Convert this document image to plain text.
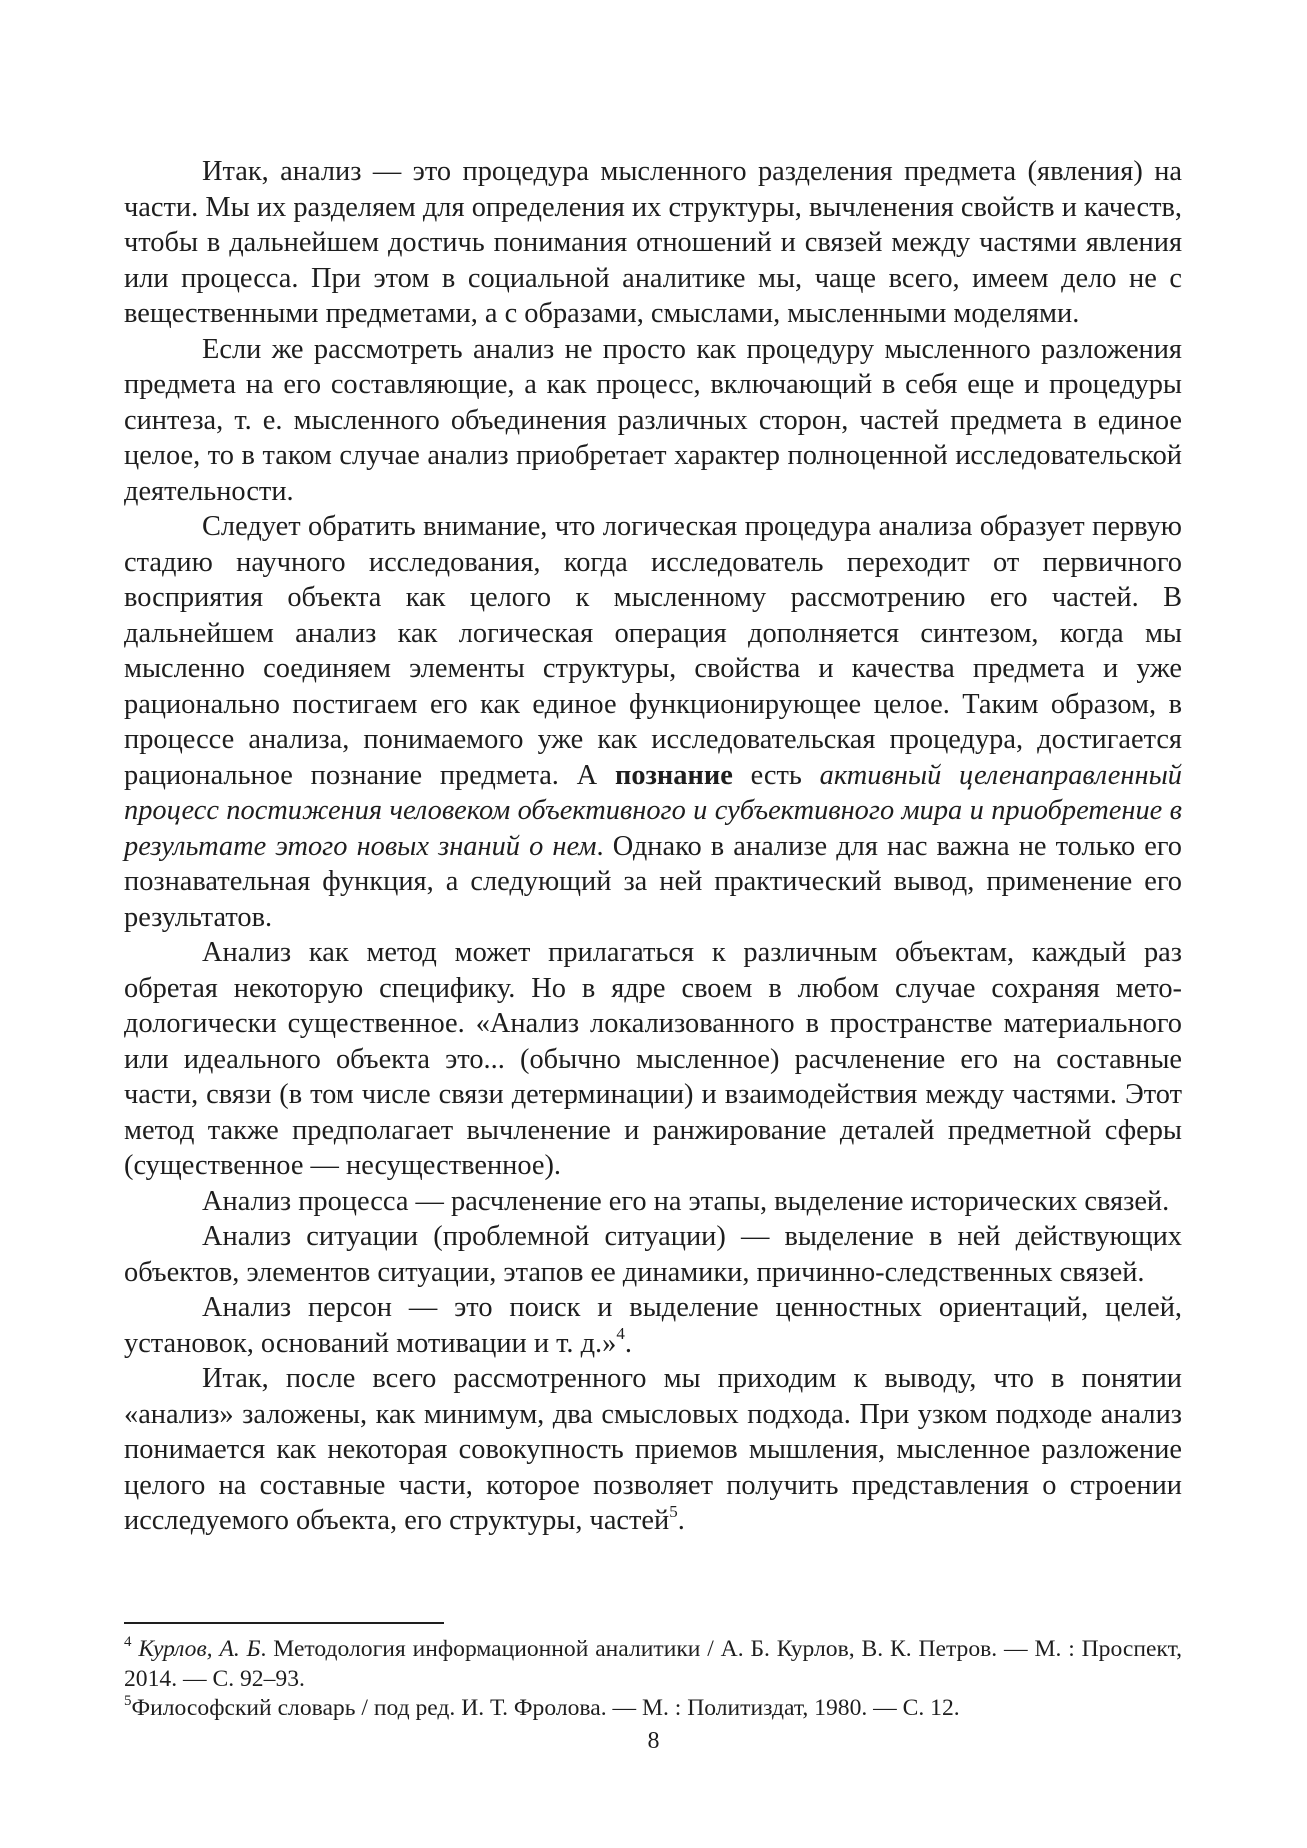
Итак, анализ — это процедура мысленного разделения предмета (явления) на части. Мы их разделяем для определения их структуры, вычленения свойств и качеств, чтобы в дальнейшем достичь понимания отношений и связей между частями явления или процесса. При этом в социальной аналитике мы, чаще всего, имеем дело не с вещественными предметами, а с образами, смыслами, мысленными моделями.

Если же рассмотреть анализ не просто как процедуру мысленного разложения предмета на его составляющие, а как процесс, включающий в себя еще и процедуры синтеза, т. е. мысленного объединения различных сторон, частей предмета в единое целое, то в таком случае анализ приобретает характер полноценной исследовательской деятельности.

Следует обратить внимание, что логическая процедура анализа образует первую стадию научного исследования, когда исследователь переходит от первичного восприятия объекта как целого к мысленному рассмотрению его частей. В дальнейшем анализ как логическая операция дополняется синтезом, когда мы мысленно соединяем элементы структуры, свойства и качества предмета и уже рационально постигаем его как единое функционирующее целое. Таким образом, в процессе анализа, понимаемого уже как исследовательская процедура, достигается рациональное познание предмета. А познание есть активный целенаправленный процесс постижения человеком объективного и субъективного мира и приобретение в результате этого новых знаний о нем. Однако в анализе для нас важна не только его познавательная функция, а следующий за ней практический вывод, применение его результатов.

Анализ как метод может прилагаться к различным объектам, каждый раз обретая некоторую специфику. Но в ядре своем в любом случае сохраняя методологически существенное. «Анализ локализованного в пространстве материального или идеального объекта это... (обычно мысленное) расчленение его на составные части, связи (в том числе связи детерминации) и взаимодействия между частями. Этот метод также предполагает вычленение и ранжирование деталей предметной сферы (существенное — несущественное).

Анализ процесса — расчленение его на этапы, выделение исторических связей.

Анализ ситуации (проблемной ситуации) — выделение в ней действующих объектов, элементов ситуации, этапов ее динамики, причинно-следственных связей.

Анализ персон — это поиск и выделение ценностных ориентаций, целей, установок, оснований мотивации и т. д.»$^4$.

Итак, после всего рассмотренного мы приходим к выводу, что в понятии «анализ» заложены, как минимум, два смысловых подхода. При узком подходе анализ понимается как некоторая совокупность приемов мышления, мысленное разложение целого на составные части, которое позволяет получить представления о строении исследуемого объекта, его структуры, частей$^5$.

$^4$ Курлов, А. Б. Методология информационной аналитики / А. Б. Курлов, В. К. Петров. — М. : Проспект, 2014. — С. 92–93.

$^5$Философский словарь / под ред. И. Т. Фролова. — М. : Политиздат, 1980. — С. 12.

8
